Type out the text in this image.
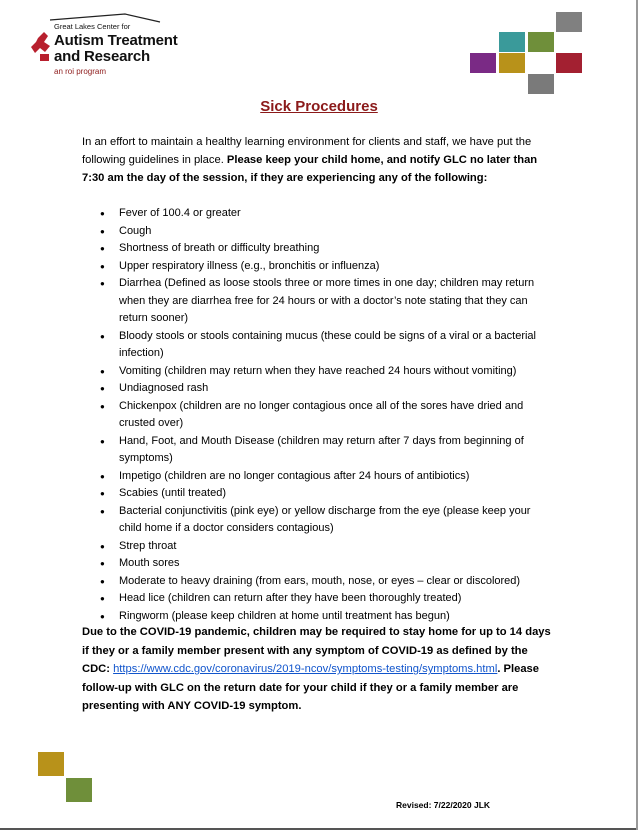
Great Lakes Center for
Autism Treatment
and Research
an roi program
Sick Procedures
In an effort to maintain a healthy learning environment for clients and staff, we have put the following guidelines in place. Please keep your child home, and notify GLC no later than 7:30 am the day of the session, if they are experiencing any of the following:
● Fever of 100.4 or greater
● Cough
● Shortness of breath or difficulty breathing
● Upper respiratory illness (e.g., bronchitis or influenza)
● Diarrhea (Defined as loose stools three or more times in one day; children may return when they are diarrhea free for 24 hours or with a doctor’s note stating that they can return sooner)
● Bloody stools or stools containing mucus (these could be signs of a viral or a bacterial infection)
● Vomiting (children may return when they have reached 24 hours without vomiting)
● Undiagnosed rash
● Chickenpox (children are no longer contagious once all of the sores have dried and crusted over)
● Hand, Foot, and Mouth Disease (children may return after 7 days from beginning of symptoms)
● Impetigo (children are no longer contagious after 24 hours of antibiotics)
● Scabies (until treated)
● Bacterial conjunctivitis (pink eye) or yellow discharge from the eye (please keep your child home if a doctor considers contagious)
● Strep throat
● Mouth sores
● Moderate to heavy draining (from ears, mouth, nose, or eyes – clear or discolored)
● Head lice (children can return after they have been thoroughly treated)
● Ringworm (please keep children at home until treatment has begun)
Due to the COVID-19 pandemic, children may be required to stay home for up to 14 days if they or a family member present with any symptom of COVID-19 as defined by the CDC: https://www.cdc.gov/coronavirus/2019-ncov/symptoms-testing/symptoms.html. Please follow-up with GLC on the return date for your child if they or a family member are presenting with ANY COVID-19 symptom.
Revised: 7/22/2020 JLK
